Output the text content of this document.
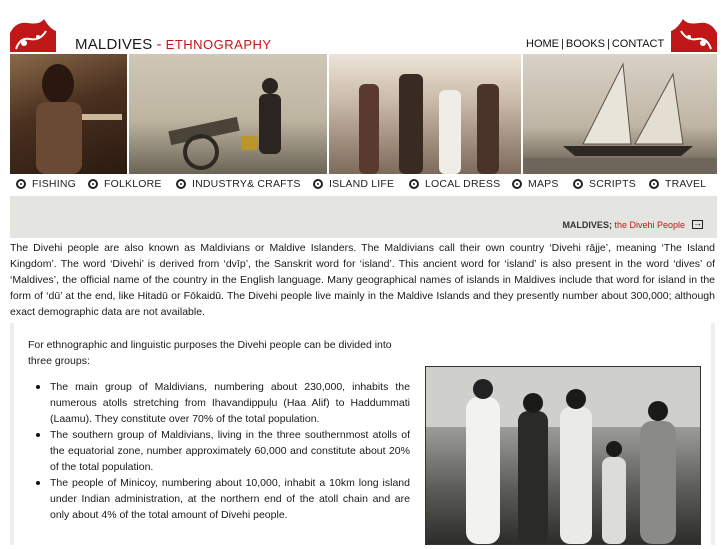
MALDIVES - ETHNOGRAPHY	HOME | BOOKS | CONTACT
FISHING	FOLKLORE	INDUSTRY& CRAFTS	ISLAND LIFE	LOCAL DRESS	MAPS	SCRIPTS	TRAVEL
MALDIVES; the Divehi People
→
The Divehi people are also known as Maldivians or Maldive Islanders. The Maldivians call their own country ‘Divehi rājje’, meaning ‘The Island Kingdom’. The word ‘Divehi’ is derived from ‘dvīp’, the Sanskrit word for ‘island’. This ancient word for ‘island’ is also present in the word ‘dives’ of ‘Maldives’, the official name of the country in the English language. Many geographical names of islands in Maldives include that word for island in the form of ‘dū’ at the end, like Hitadū or Fōkaidū. The Divehi people live mainly in the Maldive Islands and they presently number about 300,000; although exact demographic data are not available.
For ethnographic and linguistic purposes the Divehi people can be divided into three groups:
The main group of Maldivians, numbering about 230,000, inhabits the numerous atolls stretching from Ihavandippuḷu (Haa Alif) to Haddummati (Laamu). They constitute over 70% of the total population.
The southern group of Maldivians, living in the three southernmost atolls of the equatorial zone, number approximately 60,000 and constitute about 20% of the total population.
The people of Minicoy, numbering about 10,000, inhabit a 10km long island under Indian administration, at the northern end of the atoll chain and are only about 4% of the total amount of Divehi people.
